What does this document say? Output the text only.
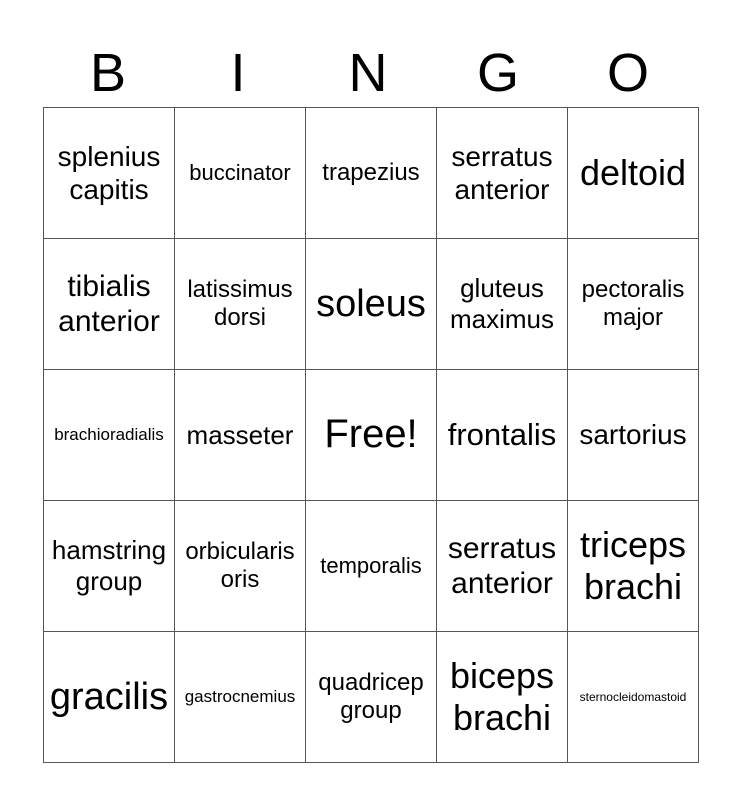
B	I	N	G	O
splenius capitis	buccinator	trapezius	serratus anterior	deltoid
tibialis anterior	latissimus dorsi	soleus	gluteus maximus	pectoralis major
brachioradialis	masseter	Free!	frontalis	sartorius
hamstring group	orbicularis oris	temporalis	serratus anterior	triceps brachi
gracilis	gastrocnemius	quadricep group	biceps brachi	sternocleidomastoid
